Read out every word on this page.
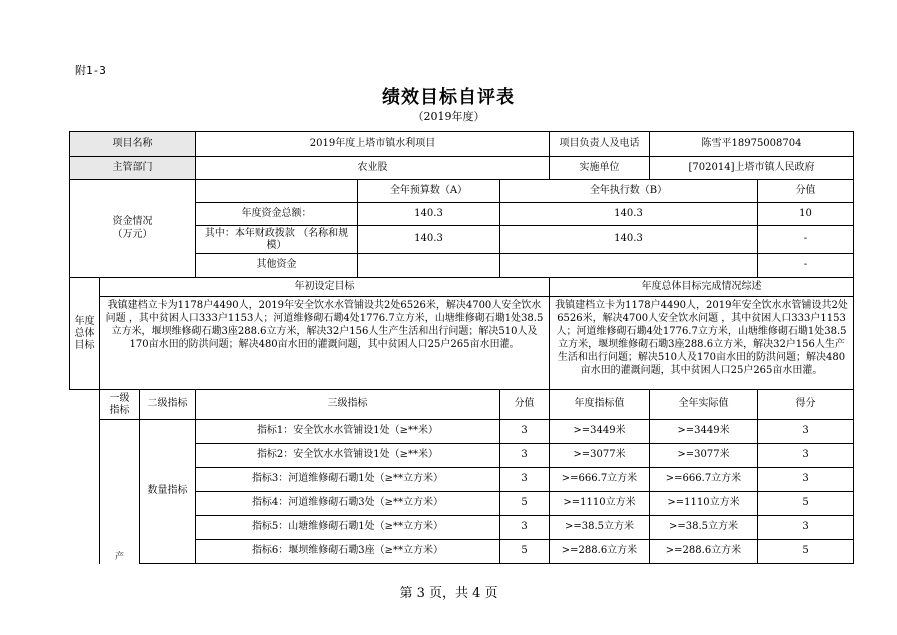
附1-3
绩效目标自评表
（2019年度）
项目名称			2019年度上塔市镇水利项目			项目负责人及电话	陈雪平18975008704	
主管部门			农业股			实施单位	[702014]上塔市镇人民政府	

资金情况
（万元）				全年预算数（A）	全年执行数（B）			分值
			年度资金总额：	140.3	140.3			10
			其中：本年财政拨款 （名称和规模）	140.3	140.3			-
			其他资金					-

年度
总体
目标	年初设定目标					年度总体目标完成情况综述		
	我镇建档立卡为1178户4490人，2019年安全饮水水管铺设共2处6526米，解决4700人安全饮水问题 ，其中贫困人口333户1153人；河道维修砌石墈4处1776.7立方米，山塘维修砌石墈1处38.5立方米，堰坝维修砌石墈3座288.6立方米，解决32户156人生产生活和出行问题；解决510人及170亩水田的防洪问题；解决480亩水田的灌溉问题，其中贫困人口25户265亩水田灌。					我镇建档立卡为1178户4490人，2019年安全饮水水管铺设共2处6526米，解决4700人安全饮水问题 ，其中贫困人口333户1153人；河道维修砌石墈4处1776.7立方米，山塘维修砌石墈1处38.5立方米，堰坝维修砌石墈3座288.6立方米，解决32户156人生产生活和出行问题；解决510人及170亩水田的防洪问题；解决480亩水田的灌溉问题，其中贫困人口25户265亩水田灌。		

	一级
指标	二级指标	三级指标		分值	年度指标值	全年实际值	得分
	产	数量指标	指标1：安全饮水水管铺设1处（≥**米）		3	>=3449米	>=3449米	3
			指标2：安全饮水水管铺设1处（≥**米）		3	>=3077米	>=3077米	3
			指标3：河道维修砌石墈1处（≥**立方米）		3	>=666.7立方米	>=666.7立方米	3
			指标4：河道维修砌石墈3处（≥**立方米）		5	>=1110立方米	>=1110立方米	5
			指标5：山塘维修砌石墈1处（≥**立方米）		3	>=38.5立方米	>=38.5立方米	3
			指标6：堰坝维修砌石墈3座（≥**立方米）		5	>=288.6立方米	>=288.6立方米	5
第 3 页，共 4 页
